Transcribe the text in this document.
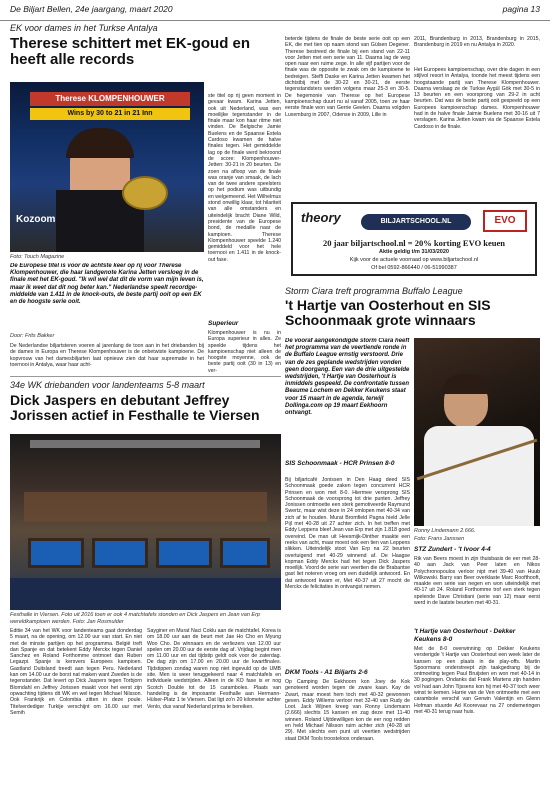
De Biljart Bellen, 24e jaargang, maart 2020	pagina 13
EK voor dames in het Turkse Antalya
Therese schittert met EK-goud en heeft alle records
Therese KLOMPENHOUWER
Wins by 30 to 21 in 21 Inn
Kozoom
Foto: Touch Magazine
De Europese titel is voor de achtste keer op rij voor Therese Klompenhouwer, die haar landgenote Karina Jetten versloeg in de finale met het EK-goud. "Ik wil wel dat dit de vorm van mijn leven is, maar ik weet dat dit nog beter kan." Nederlandse speelt recordge-middelde van 1.411 in de knock-outs, de beste partij ooit op een EK en de hoogste serie ooit.
Door: Frits Bakker
De Nederlandse biljartsteren voeren al jarenlang de toon aan in het driebanden bij de dames in Europa en Therese Klompenhouwer is de onbetwiste kampioene. De kopvrouw van het damesbiljarten laat opnieuw zien dat haar suprematie in het toernooi in Antalya, waar haar acht-
ste titel op rij geen moment in gevaar kwam. Karina Jetten, ook uit Nederland, was een moeilijke tegenstander in de finale maar kon haar ritme niet vinden. De Belgische Jamie Buelens en de Spaanse Estela Cardoso kwamen de halve finales tegen. Het gemiddelde lag op de finale werd bekroond de score: Klompenhouwer-Jetten: 30-21 in 20 beurten. De zoen na afloop van de finale was oranje van smaak, de lach van de twee andere speelsters op het podium was uitbundig en welgemeend. Het Wilhelmus stond onwillig klaar, tot hilariteit van alle omstanders en uiteindelijk bracht Diane Wild, presidente van de Europese bond, de medaille naar de kampioen. Therese Klompenhouwer speelde 1.240 gemiddeld voor het hele toernooi en 1.411 in de knock-out fase.
Superieur
Klompenhouwer is nu in Europa superieur in alles. Ze speelde tijdens het kampioenschap niet alleen de hoogste moyenne, ook de beste partij ooit (30 in 13) en ver-
beterde tijdens de finale de beste serie ooit op een EK, die met tien op naam stond van Gülsen Degener. Therese bestreed de finale bij een stand van 22-11 voor Jetten met een serie van 11. Daarna lag de weg open naar een ruime zege. In alle vijf partijen voor de finale was de opposite te zwak om de kampioene te bedreigen. Steffi Daske en Karina Jetten kwamen het dichtstbij met de 30-22 en 30-21, de eerste tegenstandsters werden volgens maar 25-3 en 30-5. De hegemonie van Therese op het Europese kampioenschap duurt nu al vanaf 2005, toen ze haar eerste finale won van Gerrie Geelen. Daarna volgden Luxemburg in 2007, Odense in 2009, Lille in
2011, Brandenburg in 2013, Brandenburg in 2015, Brandenburg in 2019 en nu Antalya in 2020.
Het Europees kampioenschap, over drie dagen in een stijlvol resort in Antalya, toonde het meest tijdens een hoogstaande partij van Therese Klompenhouwer. Daarna verslaag ze de Turkse Aygül Gök met 30-5 in 13 beurten en een voorsprong van 29-2 in acht beurten. Dat was de beste partij ooit gespeeld op een Europees kampioenschap dames. Klompenhouwer had in de halve finale Jaimie Buelens met 30-16 uit 7 verslagen. Karina Jetten kwam via de Spaanse Estela Cardoso in de finale.
theory	BILJARTSCHOOL.NL	EVO
20 jaar biljartschool.nl = 20% korting EVO keuen
Aktie geldig t/m 31/03/2020
Kijk voor de actuele voorraad op www.biljartschool.nl
Of bel 0592-866440 / 06-51990387
Storm Ciara treft programma Buffalo League
't Hartje van Oosterhout en SIS Schoonmaak grote winnaars
De vooraf aangekondigde storm Ciara heeft het programma van de veertiende ronde in de Buffalo League ernstig verstoord. Drie van de zes geplande wedstrijden vonden geen doorgang. Een van de drie uitgestelde wedstrijden, 't Hartje van Oosterhout is inmiddels gespeeld. De confrontatie tussen Beaume Lochem en Dekker Keukens staat voor 15 maart in de agenda, terwijl Dollinga.com op 19 maart Eekhoorn ontvangt.
SIS Schoonmaak - HCR Prinsen 8-0
Bij biljartcafé Jonissen in Den Haag deed SIS Schoonmaak goede zaken tegen concurrent HCR Prinsen en won met 8-0. Hiermee versprong SIS Schoonmaak de voorsprong tot drie punten. Jeffrey Jonissen ontmoette een sterk gemotiveerde Raymund Swertz, maar wist deze in 24 omlopen met 40-34 van zich af te houden. Murat Bromfield Pagna hield Jelle Pijl met 40-28 uit 27 achter zich. In het treffen met Eddy Leppens bleef Jean van Erp met zijn 1.818 goed overeind. De man uit Heesmijk-Dinther maakte een reeks van acht, maar moest ook een tien van Leppens slikken. Uiteindelijk stoot Van Erp na 22 beurten overtuigend met 40-29 winnend af. De Haagse kopman Eddy Merckx had het tegen Dick Jaspers moeilijk. Voord de serie van veertien die de Brabantse gast liet noteren vroeg om een duidelijk antwoord. En dat antwoord kwam er, Met 40-37 uit 27 mocht de Merckx de felicitaties in ontvangst nemen.
DKM Tools - A1 Biljarts 2-6
Op Camping De Eekhoorn kon Joey de Kok genoteerd worden tegen de zware kaan. Kay de Zwart, maar moest hem toch met 40-32 gewonnen geven. Eddy Willems verloor met 32-40 van Rudy de Loot. Jack Wijnen kreeg van Ronny Lindemann (2.666) slechts 15 kansen en zag deze met 11-40 winnen. Roland Uijtdewilligen kon de eer nog redden en held Michael Nilsson ruim achter zich (40-28 uit 29). Met slechts een punt uit veertien wedstrijden staat DKM Tools troosteloos onderaan.
Ronny Lindemann 2.666.
Foto: Frans Janssen
STZ Zundert - 't Ivoor 4-4
Rik van Beers moest in zijn thuisbasis de eer met 28-40 aan Jack van Peer laten en Nikos Polychronopoulos verloor nipt met 39-40 van Huub Wilkowski. Barry van Beer overklaste Marc Roofthooft, maakte een serie van negen en won uiteindelijk met 40-17 uit 24. Roland Forthomme trof een sterk tegen spelende Dave Christiani (serie van 12) maar eerst werd in de laatste beurten met 40-31.
't Hartje van Oosterhout - Dekker Keukens 8-0
Met de 8-0 overwinning op Dekker Keukens versterigde 't Hartje van Oosterhout een week later de kansen op een plaats in de play-offs. Martin Spoormans onderstreept zijn taakgedrang bij de ontmoeting tegen Paul Bruijsten en won met 40-14 in 30 pogingen. Ondanks dat Frank Martens zijn handen vol had aan John Tijssens kon hij met 40-37 toch weer winst te kemen. Harrie van de Ven ontmoette met een carambole verschil van Gerwin Valentijn en Glenn Hofman stuurde Ad Koorevaar na 27 ondemeringen met 40-31 terug naar huis.
34e WK driebanden voor landenteams 5-8 maart
Dick Jaspers en debutant Jeffrey Jorissen actief in Festhalle te Viersen
Festhalle in Viersen. Foto uit 2016 toen er ook 4 matchtafels stonden en Dick Jaspers en Jean van Erp wereldkampioen werden. Foto: Jan Rosmulder
Editie 34 van het WK voor landenteams gaat donderdag 5 maart, na de opening, om 12.00 uur van start. En niet met de minste partijen op het programma. België treft dan Spanje en dat betekent Eddy Merckx tegen Daniel Sanchez en Roland Forthomme ontmoet dan Ruben Legazpi. Spanje is kersvers Europees kampioen. Gastland Duitsland treedt aan tegen Peru. Nederland kan om 14.00 uur de borst nat maken want Zweden is de tegenstander. Dat levert op Dick Jaspers tegen Torbjorn Blomdahl en Jeffrey Jorissen maakt voor het eerst zijn opwachting tijdens dit WK en wel tegen Michael Nilsson. Ook Frankrijk en Colombia zitten in deze poule. Titelverdediger Turkije verschijnt om 16.00 uur met Semih
Sayginer en Murat Naci Coklu aan de matchtafel. Korea is om 18.00 uur aan de beurt met Jae Ho Cho en Myung Woo Cho. De winnaars en de verliezers van 12.00 uur spelen om 20.00 uur de eerste dag af. Vrijdag begint men om 11.00 uur en dat tijdstip geldt ook voor de zaterdag. De dag zijn om 17.00 en 20.00 uur de kwartfinales. Tijdstippen zondag waren nog niet ingevuld op de UMB site. Men is weer teruggekeerd naar 4 matchtafels en individuele wedstrijden. Alleen in de KO fase is er nog Scotch Double tot de 15 caramboles. Plaats van handeling is de imposante Festhalle aan Hermann-Hülser-Platz 1 te Viersen. Dat ligt zo'n 20 kilometer achter Venlo, dus vanaf Nederland prima te bereiken.
